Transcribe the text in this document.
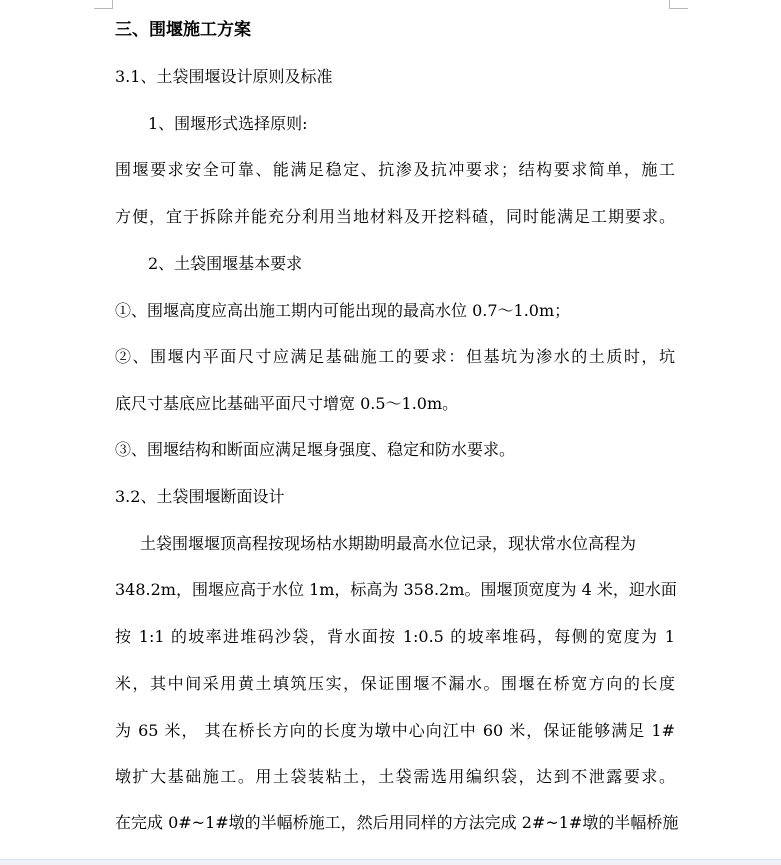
三、围堰施工方案
3.1、土袋围堰设计原则及标准
1、围堰形式选择原则:
围堰要求安全可靠、能满足稳定、抗渗及抗冲要求；结构要求简单，施工
方便，宜于拆除并能充分利用当地材料及开挖料碴，同时能满足工期要求。
2、土袋围堰基本要求
①、围堰高度应高出施工期内可能出现的最高水位 0.7～1.0m；
②、围堰内平面尺寸应满足基础施工的要求：但基坑为渗水的土质时，坑
底尺寸基底应比基础平面尺寸增宽 0.5～1.0m。
③、围堰结构和断面应满足堰身强度、稳定和防水要求。
3.2、土袋围堰断面设计
土袋围堰堰顶高程按现场枯水期勘明最高水位记录，现状常水位高程为
348.2m，围堰应高于水位 1m，标高为 358.2m。围堰顶宽度为 4 米，迎水面
按 1:1 的坡率进堆码沙袋，背水面按 1:0.5 的坡率堆码，每侧的宽度为 1
米，其中间采用黄土填筑压实，保证围堰不漏水。围堰在桥宽方向的长度
为 65 米， 其在桥长方向的长度为墩中心向江中 60 米，保证能够满足 1#
墩扩大基础施工。用土袋装粘土，土袋需选用编织袋，达到不泄露要求。
在完成 0#~1#墩的半幅桥施工，然后用同样的方法完成 2#~1#墩的半幅桥施
